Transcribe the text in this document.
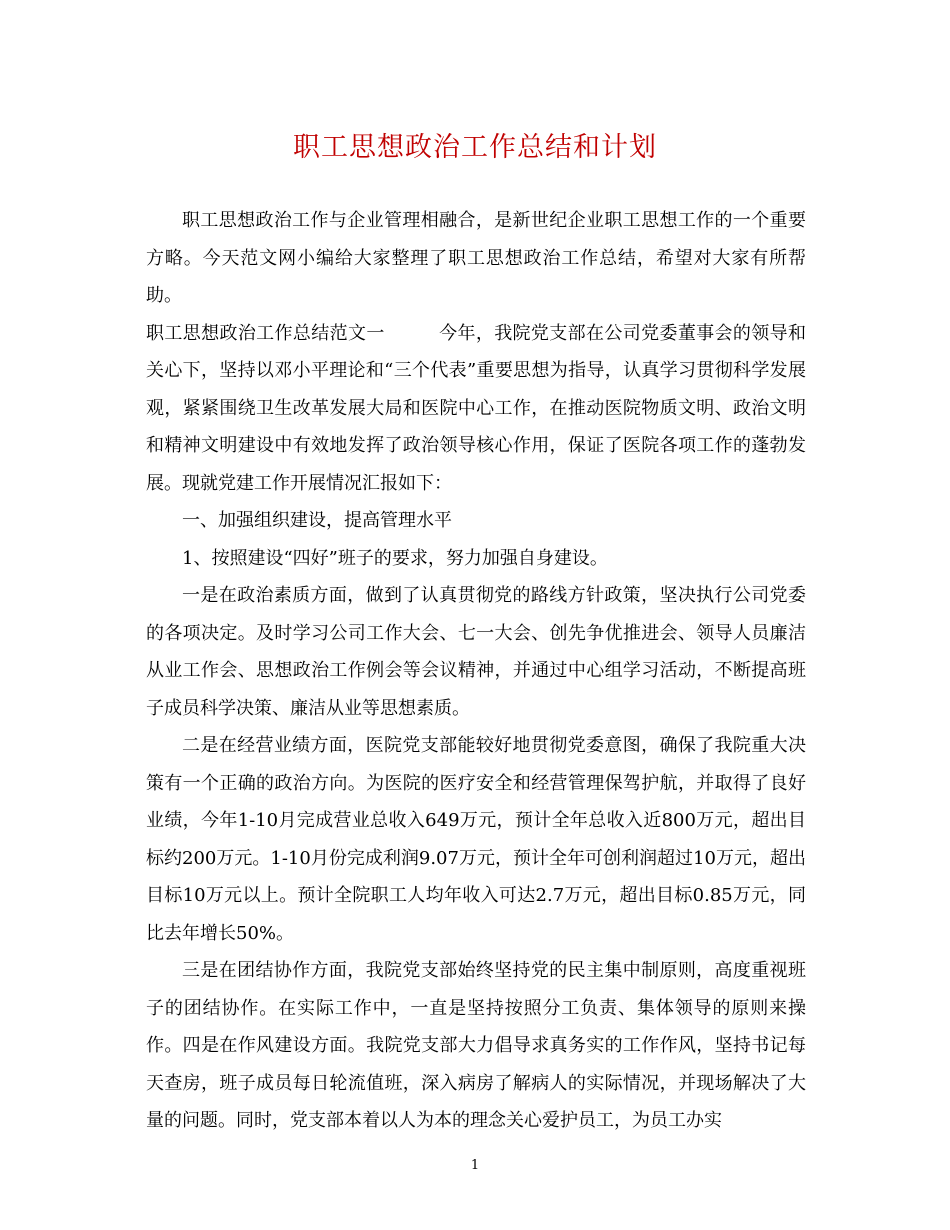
职工思想政治工作总结和计划

职工思想政治工作与企业管理相融合，是新世纪企业职工思想工作的一个重要方略。今天范文网小编给大家整理了职工思想政治工作总结，希望对大家有所帮助。

职工思想政治工作总结范文一	今年，我院党支部在公司党委董事会的领导和关心下，坚持以邓小平理论和“三个代表”重要思想为指导，认真学习贯彻科学发展观，紧紧围绕卫生改革发展大局和医院中心工作，在推动医院物质文明、政治文明和精神文明建设中有效地发挥了政治领导核心作用，保证了医院各项工作的蓬勃发展。现就党建工作开展情况汇报如下：

一、加强组织建设，提高管理水平

1、按照建设“四好”班子的要求，努力加强自身建设。

一是在政治素质方面，做到了认真贯彻党的路线方针政策，坚决执行公司党委的各项决定。及时学习公司工作大会、七一大会、创先争优推进会、领导人员廉洁从业工作会、思想政治工作例会等会议精神，并通过中心组学习活动，不断提高班子成员科学决策、廉洁从业等思想素质。

二是在经营业绩方面，医院党支部能较好地贯彻党委意图，确保了我院重大决策有一个正确的政治方向。为医院的医疗安全和经营管理保驾护航，并取得了良好业绩，今年1-10月完成营业总收入649万元，预计全年总收入近800万元，超出目标约200万元。1-10月份完成利润9.07万元，预计全年可创利润超过10万元，超出目标10万元以上。预计全院职工人均年收入可达2.7万元，超出目标0.85万元，同比去年增长50%。

三是在团结协作方面，我院党支部始终坚持党的民主集中制原则，高度重视班子的团结协作。在实际工作中，一直是坚持按照分工负责、集体领导的原则来操作。四是在作风建设方面。我院党支部大力倡导求真务实的工作作风，坚持书记每天查房，班子成员每日轮流值班，深入病房了解病人的实际情况，并现场解决了大量的问题。同时，党支部本着以人为本的理念关心爱护员工，为员工办实

1
